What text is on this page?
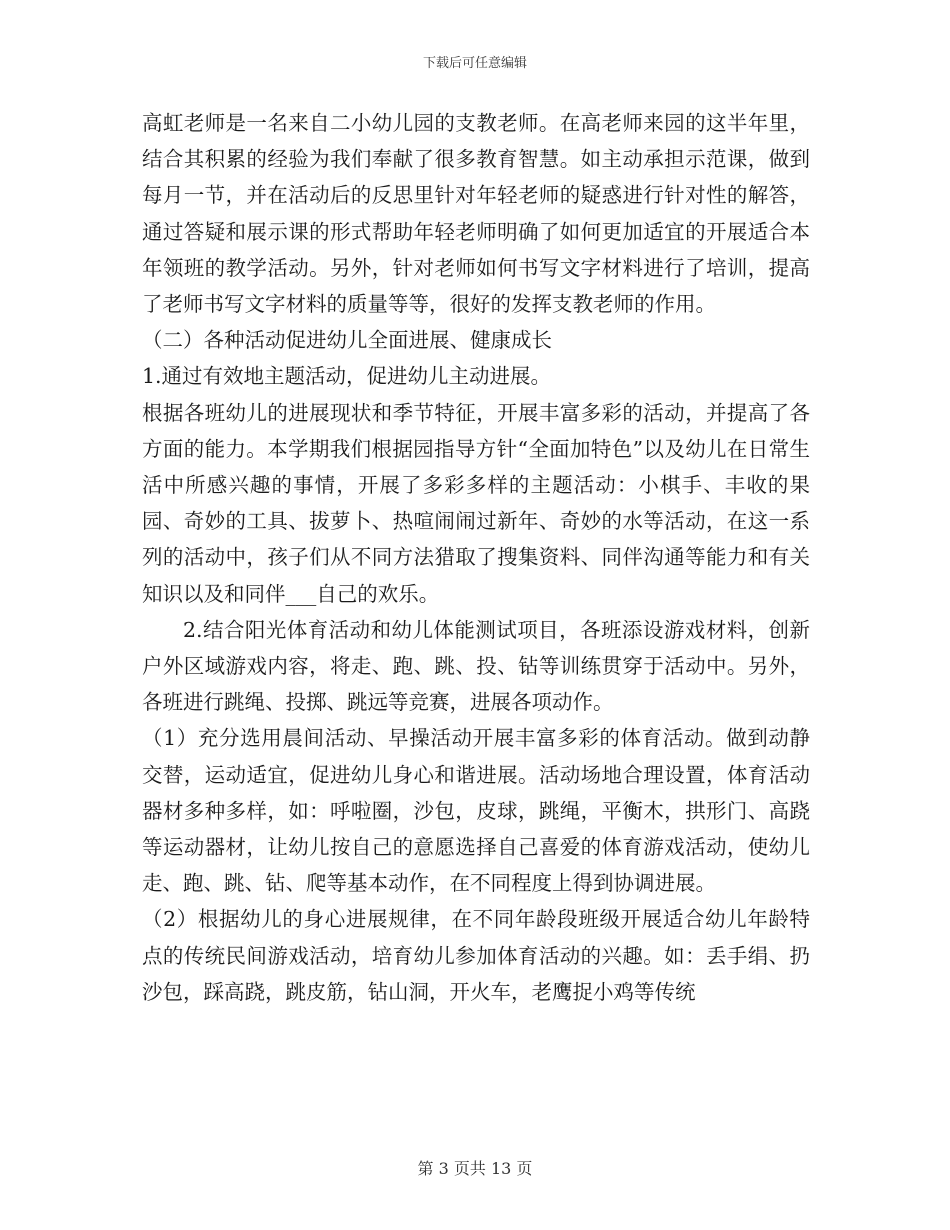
下载后可任意编辑

高虹老师是一名来自二小幼儿园的支教老师。在高老师来园的这半年里，结合其积累的经验为我们奉献了很多教育智慧。如主动承担示范课，做到每月一节，并在活动后的反思里针对年轻老师的疑惑进行针对性的解答，通过答疑和展示课的形式帮助年轻老师明确了如何更加适宜的开展适合本年领班的教学活动。另外，针对老师如何书写文字材料进行了培训，提高了老师书写文字材料的质量等等，很好的发挥支教老师的作用。

（二）各种活动促进幼儿全面进展、健康成长

1.通过有效地主题活动，促进幼儿主动进展。

根据各班幼儿的进展现状和季节特征，开展丰富多彩的活动，并提高了各方面的能力。本学期我们根据园指导方针“全面加特色”以及幼儿在日常生活中所感兴趣的事情，开展了多彩多样的主题活动：小棋手、丰收的果园、奇妙的工具、拔萝卜、热喧闹闹过新年、奇妙的水等活动，在这一系列的活动中，孩子们从不同方法猎取了搜集资料、同伴沟通等能力和有关知识以及和同伴___自己的欢乐。

2.结合阳光体育活动和幼儿体能测试项目，各班添设游戏材料，创新户外区域游戏内容，将走、跑、跳、投、钻等训练贯穿于活动中。另外，各班进行跳绳、投掷、跳远等竞赛，进展各项动作。

（1）充分选用晨间活动、早操活动开展丰富多彩的体育活动。做到动静交替，运动适宜，促进幼儿身心和谐进展。活动场地合理设置，体育活动器材多种多样，如：呼啦圈，沙包，皮球，跳绳，平衡木，拱形门、高跷等运动器材，让幼儿按自己的意愿选择自己喜爱的体育游戏活动，使幼儿走、跑、跳、钻、爬等基本动作，在不同程度上得到协调进展。

（2）根据幼儿的身心进展规律，在不同年龄段班级开展适合幼儿年龄特点的传统民间游戏活动，培育幼儿参加体育活动的兴趣。如：丢手绢、扔沙包，踩高跷，跳皮筋，钻山洞，开火车，老鹰捉小鸡等传统

第 3 页共 13 页
